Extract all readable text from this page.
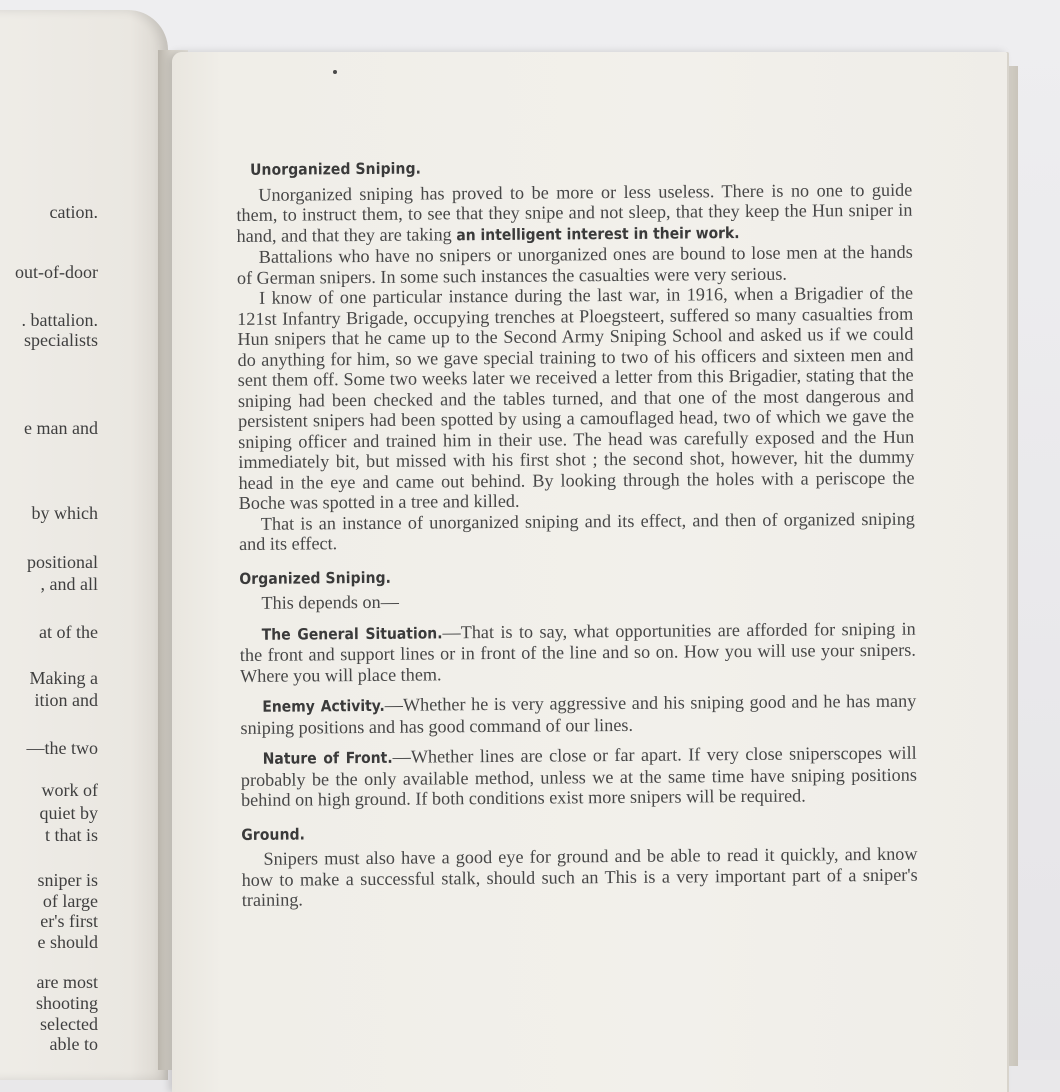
cation.

out-of-door

. battalion.

specialists

e man and

by which

positional

, and all

at of the

Making a

ition and

—the two

work of

quiet by

t that is

sniper is

of large

er's first

e should

are most

shooting

selected

able to

Unorganized Sniping.

Unorganized sniping has proved to be more or less useless. There is no one to guide them, to instruct them, to see that they snipe and not sleep, that they keep the Hun sniper in hand, and that they are taking an intelligent interest in their work.

Battalions who have no snipers or unorganized ones are bound to lose men at the hands of German snipers. In some such instances the casualties were very serious.

I know of one particular instance during the last war, in 1916, when a Brigadier of the 121st Infantry Brigade, occupying trenches at Ploegsteert, suffered so many casualties from Hun snipers that he came up to the Second Army Sniping School and asked us if we could do anything for him, so we gave special training to two of his officers and sixteen men and sent them off. Some two weeks later we received a letter from this Brigadier, stating that the sniping had been checked and the tables turned, and that one of the most dangerous and persistent snipers had been spotted by using a camouflaged head, two of which we gave the sniping officer and trained him in their use. The head was carefully exposed and the Hun immediately bit, but missed with his first shot ; the second shot, however, hit the dummy head in the eye and came out behind. By looking through the holes with a periscope the Boche was spotted in a tree and killed.

That is an instance of unorganized sniping and its effect, and then of organized sniping and its effect.

Organized Sniping.

This depends on—

The General Situation.—That is to say, what opportunities are afforded for sniping in the front and support lines or in front of the line and so on. How you will use your snipers. Where you will place them.

Enemy Activity.—Whether he is very aggressive and his sniping good and he has many sniping positions and has good command of our lines.

Nature of Front.—Whether lines are close or far apart. If very close sniperscopes will probably be the only available method, unless we at the same time have sniping positions behind on high ground. If both conditions exist more snipers will be required.

Ground.

Snipers must also have a good eye for ground and be able to read it quickly, and know how to make a successful stalk, should such an This is a very important part of a sniper's training.
